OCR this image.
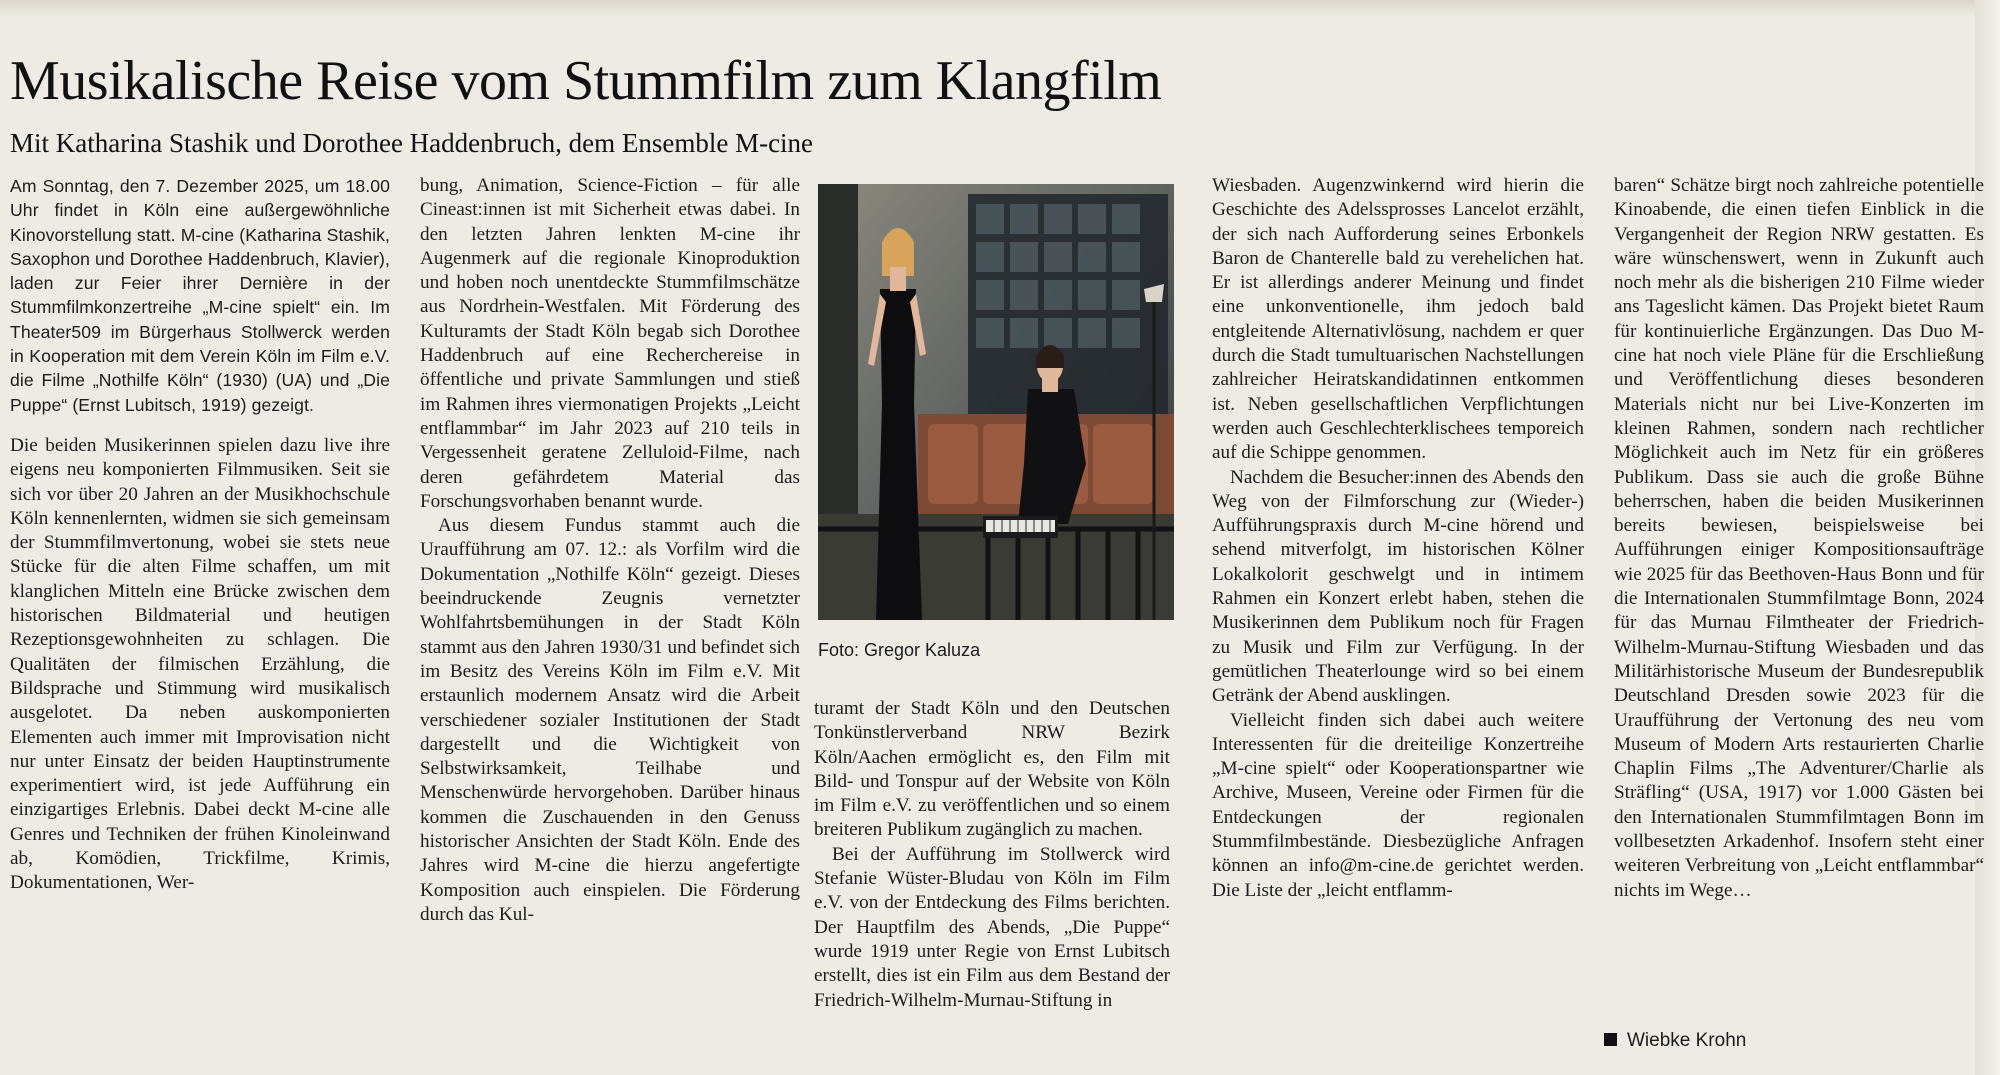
Musikalische Reise vom Stummfilm zum Klangfilm
Mit Katharina Stashik und Dorothee Haddenbruch, dem Ensemble M-cine

Am Sonntag, den 7. Dezember 2025, um 18.00 Uhr findet in Köln eine außergewöhnliche Kinovorstellung statt. M-cine (Katharina Stashik, Saxophon und Dorothee Haddenbruch, Klavier), laden zur Feier ihrer Dernière in der Stummfilmkonzertreihe „M-cine spielt“ ein. Im Theater509 im Bürgerhaus Stollwerck werden in Kooperation mit dem Verein Köln im Film e.V. die Filme „Nothilfe Köln“ (1930) (UA) und „Die Puppe“ (Ernst Lubitsch, 1919) gezeigt.

Die beiden Musikerinnen spielen dazu live ihre eigens neu komponierten Filmmusiken. Seit sie sich vor über 20 Jahren an der Musikhochschule Köln kennenlernten, widmen sie sich gemeinsam der Stummfilmvertonung, wobei sie stets neue Stücke für die alten Filme schaffen, um mit klanglichen Mitteln eine Brücke zwischen dem historischen Bildmaterial und heutigen Rezeptionsgewohnheiten zu schlagen. Die Qualitäten der filmischen Erzählung, die Bildsprache und Stimmung wird musikalisch ausgelotet. Da neben auskomponierten Elementen auch immer mit Improvisation nicht nur unter Einsatz der beiden Hauptinstrumente experimentiert wird, ist jede Aufführung ein einzigartiges Erlebnis. Dabei deckt M-cine alle Genres und Techniken der frühen Kinoleinwand ab, Komödien, Trickfilme, Krimis, Dokumentationen, Wer-

bung, Animation, Science-Fiction – für alle Cineast:innen ist mit Sicherheit etwas dabei. In den letzten Jahren lenkten M-cine ihr Augenmerk auf die regionale Kinoproduktion und hoben noch unentdeckte Stummfilmschätze aus Nordrhein-Westfalen. Mit Förderung des Kulturamts der Stadt Köln begab sich Dorothee Haddenbruch auf eine Recherchereise in öffentliche und private Sammlungen und stieß im Rahmen ihres viermonatigen Projekts „Leicht entflammbar“ im Jahr 2023 auf 210 teils in Vergessenheit geratene Zelluloid-Filme, nach deren gefährdetem Material das Forschungsvorhaben benannt wurde.

Aus diesem Fundus stammt auch die Uraufführung am 07. 12.: als Vorfilm wird die Dokumentation „Nothilfe Köln“ gezeigt. Dieses beeindruckende Zeugnis vernetzter Wohlfahrtsbemühungen in der Stadt Köln stammt aus den Jahren 1930/31 und befindet sich im Besitz des Vereins Köln im Film e.V. Mit erstaunlich modernem Ansatz wird die Arbeit verschiedener sozialer Institutionen der Stadt dargestellt und die Wichtigkeit von Selbstwirksamkeit, Teilhabe und Menschenwürde hervorgehoben. Darüber hinaus kommen die Zuschauenden in den Genuss historischer Ansichten der Stadt Köln. Ende des Jahres wird M-cine die hierzu angefertigte Komposition auch einspielen. Die Förderung durch das Kul-

Foto: Gregor Kaluza

turamt der Stadt Köln und den Deutschen Tonkünstlerverband NRW Bezirk Köln/Aachen ermöglicht es, den Film mit Bild- und Tonspur auf der Website von Köln im Film e.V. zu veröffentlichen und so einem breiteren Publikum zugänglich zu machen.

Bei der Aufführung im Stollwerck wird Stefanie Wüster-Bludau von Köln im Film e.V. von der Entdeckung des Films berichten. Der Hauptfilm des Abends, „Die Puppe“ wurde 1919 unter Regie von Ernst Lubitsch erstellt, dies ist ein Film aus dem Bestand der Friedrich-Wilhelm-Murnau-Stiftung in

Wiesbaden. Augenzwinkernd wird hierin die Geschichte des Adelssprosses Lancelot erzählt, der sich nach Aufforderung seines Erbonkels Baron de Chanterelle bald zu verehelichen hat. Er ist allerdings anderer Meinung und findet eine unkonventionelle, ihm jedoch bald entgleitende Alternativlösung, nachdem er quer durch die Stadt tumultuarischen Nachstellungen zahlreicher Heiratskandidatinnen entkommen ist. Neben gesellschaftlichen Verpflichtungen werden auch Geschlechterklischees temporeich auf die Schippe genommen.

Nachdem die Besucher:innen des Abends den Weg von der Filmforschung zur (Wieder-) Aufführungspraxis durch M-cine hörend und sehend mitverfolgt, im historischen Kölner Lokalkolorit geschwelgt und in intimem Rahmen ein Konzert erlebt haben, stehen die Musikerinnen dem Publikum noch für Fragen zu Musik und Film zur Verfügung. In der gemütlichen Theaterlounge wird so bei einem Getränk der Abend ausklingen.

Vielleicht finden sich dabei auch weitere Interessenten für die dreiteilige Konzertreihe „M-cine spielt“ oder Kooperationspartner wie Archive, Museen, Vereine oder Firmen für die Entdeckungen der regionalen Stummfilmbestände. Diesbezügliche Anfragen können an info@m-cine.de gerichtet werden. Die Liste der „leicht entflamm-

baren“ Schätze birgt noch zahlreiche potentielle Kinoabende, die einen tiefen Einblick in die Vergangenheit der Region NRW gestatten. Es wäre wünschenswert, wenn in Zukunft auch noch mehr als die bisherigen 210 Filme wieder ans Tageslicht kämen. Das Projekt bietet Raum für kontinuierliche Ergänzungen. Das Duo M-cine hat noch viele Pläne für die Erschließung und Veröffentlichung dieses besonderen Materials nicht nur bei Live-Konzerten im kleinen Rahmen, sondern nach rechtlicher Möglichkeit auch im Netz für ein größeres Publikum. Dass sie auch die große Bühne beherrschen, haben die beiden Musikerinnen bereits bewiesen, beispielsweise bei Aufführungen einiger Kompositionsaufträge wie 2025 für das Beethoven-Haus Bonn und für die Internationalen Stummfilmtage Bonn, 2024 für das Murnau Filmtheater der Friedrich-Wilhelm-Murnau-Stiftung Wiesbaden und das Militärhistorische Museum der Bundesrepublik Deutschland Dresden sowie 2023 für die Uraufführung der Vertonung des neu vom Museum of Modern Arts restaurierten Charlie Chaplin Films „The Adventurer/Charlie als Sträfling“ (USA, 1917) vor 1.000 Gästen bei den Internationalen Stummfilmtagen Bonn im vollbesetzten Arkadenhof. Insofern steht einer weiteren Verbreitung von „Leicht entflammbar“ nichts im Wege…

Wiebke Krohn
